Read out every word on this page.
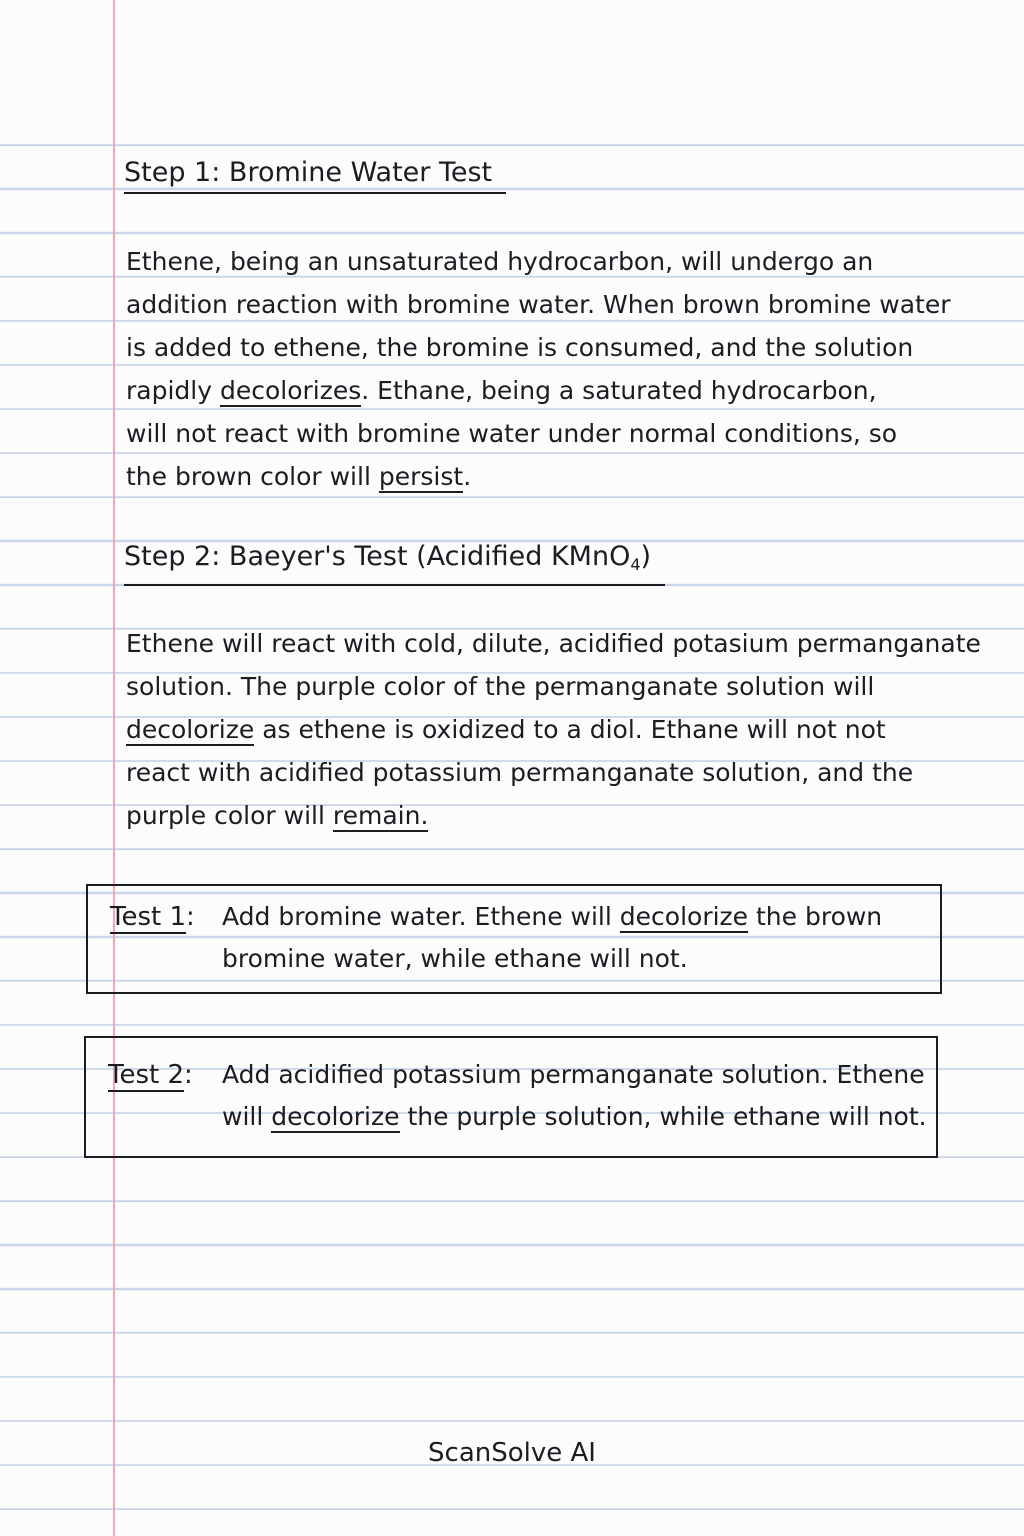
Step 1: Bromine Water Test
Ethene, being an unsaturated hydrocarbon, will undergo an
addition reaction with bromine water. When brown bromine water
is added to ethene, the bromine is consumed, and the solution
rapidly decolorizes. Ethane, being a saturated hydrocarbon,
will not react with bromine water under normal conditions, so
the brown color will persist.
Step 2: Baeyer's Test (Acidified KMnO$_4$)
Ethene will react with cold, dilute, acidified potasium permanganate
solution. The purple color of the permanganate solution will
decolorize as ethene is oxidized to a diol. Ethane will not not
react with acidified potassium permanganate solution, and the
purple color will remain.
Test 1: Add bromine water. Ethene will decolorize the brown
bromine water, while ethane will not.
Test 2: Add acidified potassium permanganate solution. Ethene
will decolorize the purple solution, while ethane will not.
ScanSolve AI
